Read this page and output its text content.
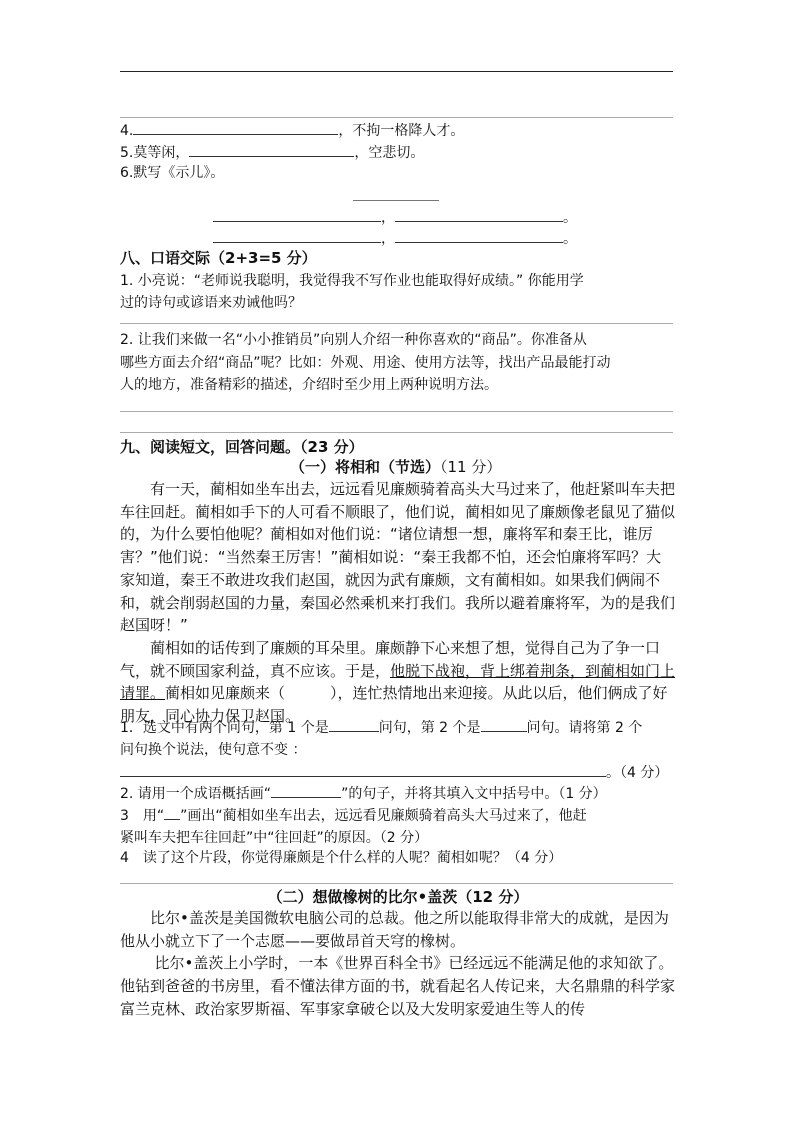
4.	，不拘一格降人才。
5.莫等闲，	，空悲切。
6.默写《示儿》。
，	。
，	。
八、口语交际（2+3=5 分）
1. 小亮说：“老师说我聪明，我觉得我不写作业也能取得好成绩。” 你能用学
过的诗句或谚语来劝诫他吗？
2. 让我们来做一名“小小推销员”向别人介绍一种你喜欢的“商品”。你准备从
哪些方面去介绍“商品”呢？比如：外观、用途、使用方法等，找出产品最能打动
人的地方，准备精彩的描述，介绍时至少用上两种说明方法。
九、阅读短文，回答问题。（23 分）
（一）将相和（节选）（11 分）

有一天，蔺相如坐车出去，远远看见廉颇骑着高头大马过来了，他赶紧叫车夫把车往回赶。蔺相如手下的人可看不顺眼了，他们说，蔺相如见了廉颇像老鼠见了猫似的，为什么要怕他呢？蔺相如对他们说：“诸位请想一想，廉将军和秦王比，谁厉害？”他们说：“当然秦王厉害！”蔺相如说：“秦王我都不怕，还会怕廉将军吗？大家知道，秦王不敢进攻我们赵国，就因为武有廉颇，文有蔺相如。如果我们俩闹不和，就会削弱赵国的力量，秦国必然乘机来打我们。我所以避着廉将军，为的是我们赵国呀！”

蔺相如的话传到了廉颇的耳朵里。廉颇静下心来想了想，觉得自己为了争一口气，就不顾国家利益，真不应该。于是，他脱下战袍，背上绑着荆条，到蔺相如门上请罪。蔺相如见廉颇来（　　　），连忙热情地出来迎接。从此以后，他们俩成了好朋友，同心协力保卫赵国。

1．选文中有两个问句，第 1 个是	问句，第 2 个是	问句。请将第 2 个
问句换个说法，使句意不变 ：
。（4 分）
2. 请用一个成语概括画“	”的句子，并将其填入文中括号中。（1 分）
3　用“ ”画出“蔺相如坐车出去，远远看见廉颇骑着高头大马过来了，他赶
紧叫车夫把车往回赶”中“往回赶”的原因。（2 分）
4　读了这个片段，你觉得廉颇是个什么样的人呢？蔺相如呢？（4 分）
（二）想做橡树的比尔•盖茨（12 分）

比尔•盖茨是美国微软电脑公司的总裁。他之所以能取得非常大的成就，是因为他从小就立下了一个志愿——要做昂首天穹的橡树。

比尔•盖茨上小学时，一本《世界百科全书》已经远远不能满足他的求知欲了。他钻到爸爸的书房里，看不懂法律方面的书，就看起名人传记来，大名鼎鼎的科学家富兰克林、政治家罗斯福、军事家拿破仑以及大发明家爱迪生等人的传
